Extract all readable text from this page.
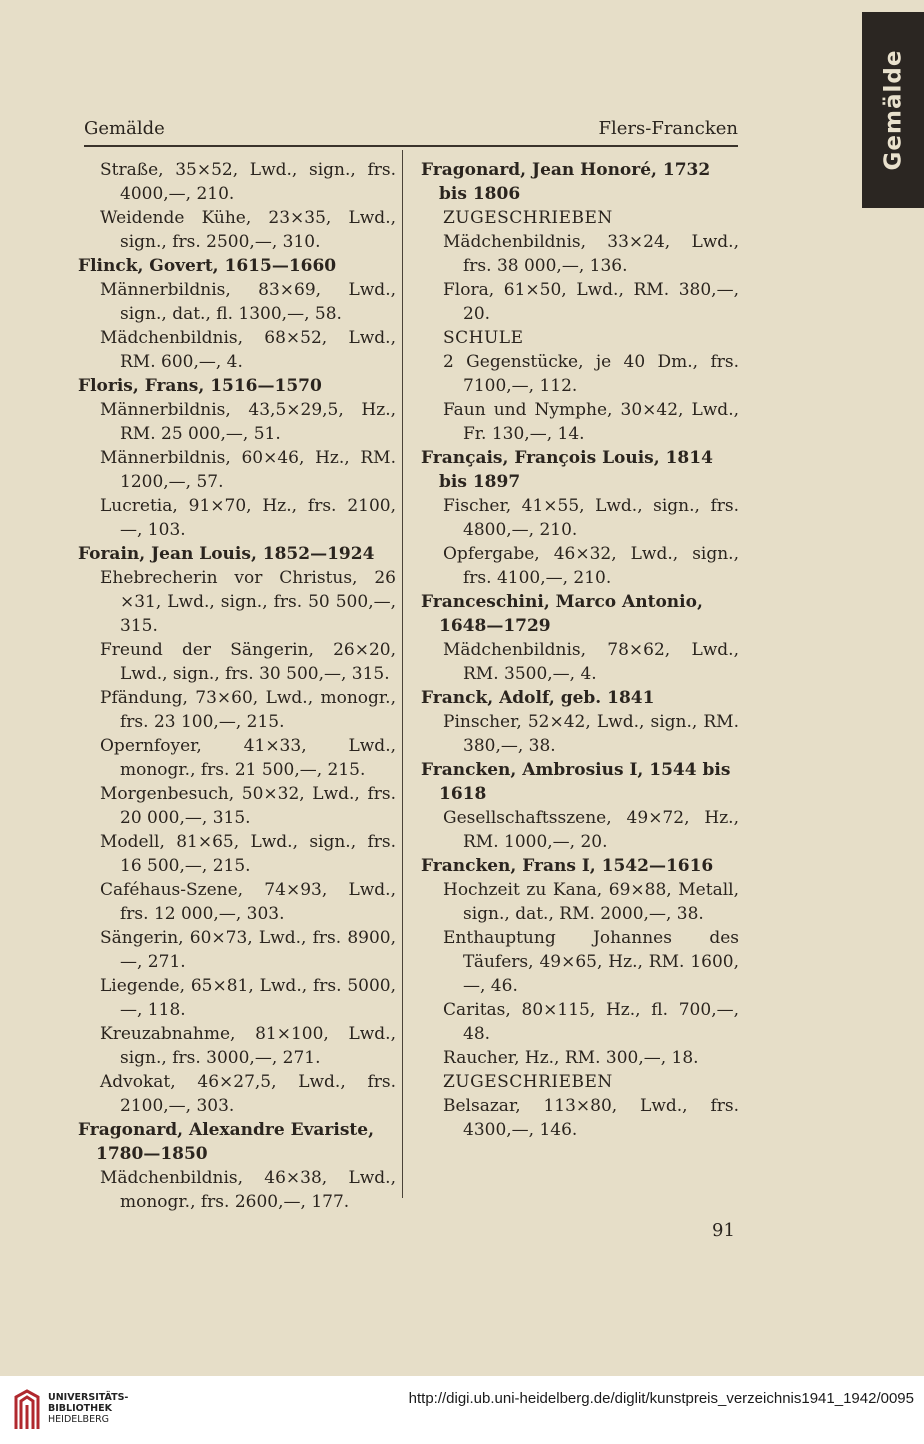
Gemälde
Gemälde	Flers-Francken

Straße, 35×52, Lwd., sign., frs. 4000,—, 210.

Weidende Kühe, 23×35, Lwd., sign., frs. 2500,—, 310.

Flinck, Govert, 1615—1660

Männerbildnis, 83×69, Lwd., sign., dat., fl. 1300,—, 58.

Mädchenbildnis, 68×52, Lwd., RM. 600,—, 4.

Floris, Frans, 1516—1570

Männerbildnis, 43,5×29,5, Hz., RM. 25 000,—, 51.

Männerbildnis, 60×46, Hz., RM. 1200,—, 57.

Lucretia, 91×70, Hz., frs. 2100,—, 103.

Forain, Jean Louis, 1852—1924

Ehebrecherin vor Christus, 26 ×31, Lwd., sign., frs. 50 500,—, 315.

Freund der Sängerin, 26×20, Lwd., sign., frs. 30 500,—, 315.

Pfändung, 73×60, Lwd., monogr., frs. 23 100,—, 215.

Opernfoyer, 41×33, Lwd., monogr., frs. 21 500,—, 215.

Morgenbesuch, 50×32, Lwd., frs. 20 000,—, 315.

Modell, 81×65, Lwd., sign., frs. 16 500,—, 215.

Caféhaus-Szene, 74×93, Lwd., frs. 12 000,—, 303.

Sängerin, 60×73, Lwd., frs. 8900,—, 271.

Liegende, 65×81, Lwd., frs. 5000,—, 118.

Kreuzabnahme, 81×100, Lwd., sign., frs. 3000,—, 271.

Advokat, 46×27,5, Lwd., frs. 2100,—, 303.

Fragonard, Alexandre Evariste, 1780—1850

Mädchenbildnis, 46×38, Lwd., monogr., frs. 2600,—, 177.

Fragonard, Jean Honoré, 1732 bis 1806

ZUGESCHRIEBEN

Mädchenbildnis, 33×24, Lwd., frs. 38 000,—, 136.

Flora, 61×50, Lwd., RM. 380,—, 20.

SCHULE

2 Gegenstücke, je 40 Dm., frs. 7100,—, 112.

Faun und Nymphe, 30×42, Lwd., Fr. 130,—, 14.

Français, François Louis, 1814 bis 1897

Fischer, 41×55, Lwd., sign., frs. 4800,—, 210.

Opfergabe, 46×32, Lwd., sign., frs. 4100,—, 210.

Franceschini, Marco Antonio, 1648—1729

Mädchenbildnis, 78×62, Lwd., RM. 3500,—, 4.

Franck, Adolf, geb. 1841

Pinscher, 52×42, Lwd., sign., RM. 380,—, 38.

Francken, Ambrosius I, 1544 bis 1618

Gesellschaftsszene, 49×72, Hz., RM. 1000,—, 20.

Francken, Frans I, 1542—1616

Hochzeit zu Kana, 69×88, Metall, sign., dat., RM. 2000,—, 38.

Enthauptung Johannes des Täufers, 49×65, Hz., RM. 1600,—, 46.

Caritas, 80×115, Hz., fl. 700,—, 48.

Raucher, Hz., RM. 300,—, 18.

ZUGESCHRIEBEN

Belsazar, 113×80, Lwd., frs. 4300,—, 146.

91
UNIVERSITÄTS-
BIBLIOTHEK
HEIDELBERG
http://digi.ub.uni-heidelberg.de/diglit/kunstpreis_verzeichnis1941_1942/0095
